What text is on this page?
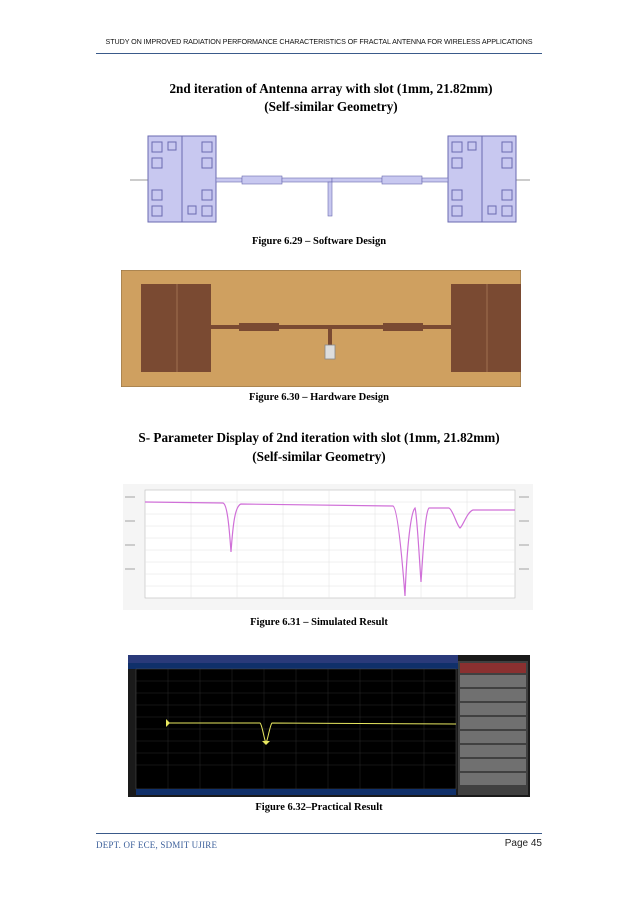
STUDY ON IMPROVED RADIATION PERFORMANCE CHARACTERISTICS OF FRACTAL ANTENNA FOR WIRELESS APPLICATIONS
2nd iteration of Antenna array with slot (1mm, 21.82mm)
(Self-similar Geometry)
Figure 6.29 – Software Design
Figure 6.30 – Hardware Design
S- Parameter Display of 2nd iteration with slot (1mm, 21.82mm)
(Self-similar Geometry)
Figure 6.31 – Simulated Result
Figure 6.32–Practical Result
DEPT. OF ECE, SDMIT UJIRE	Page 45
